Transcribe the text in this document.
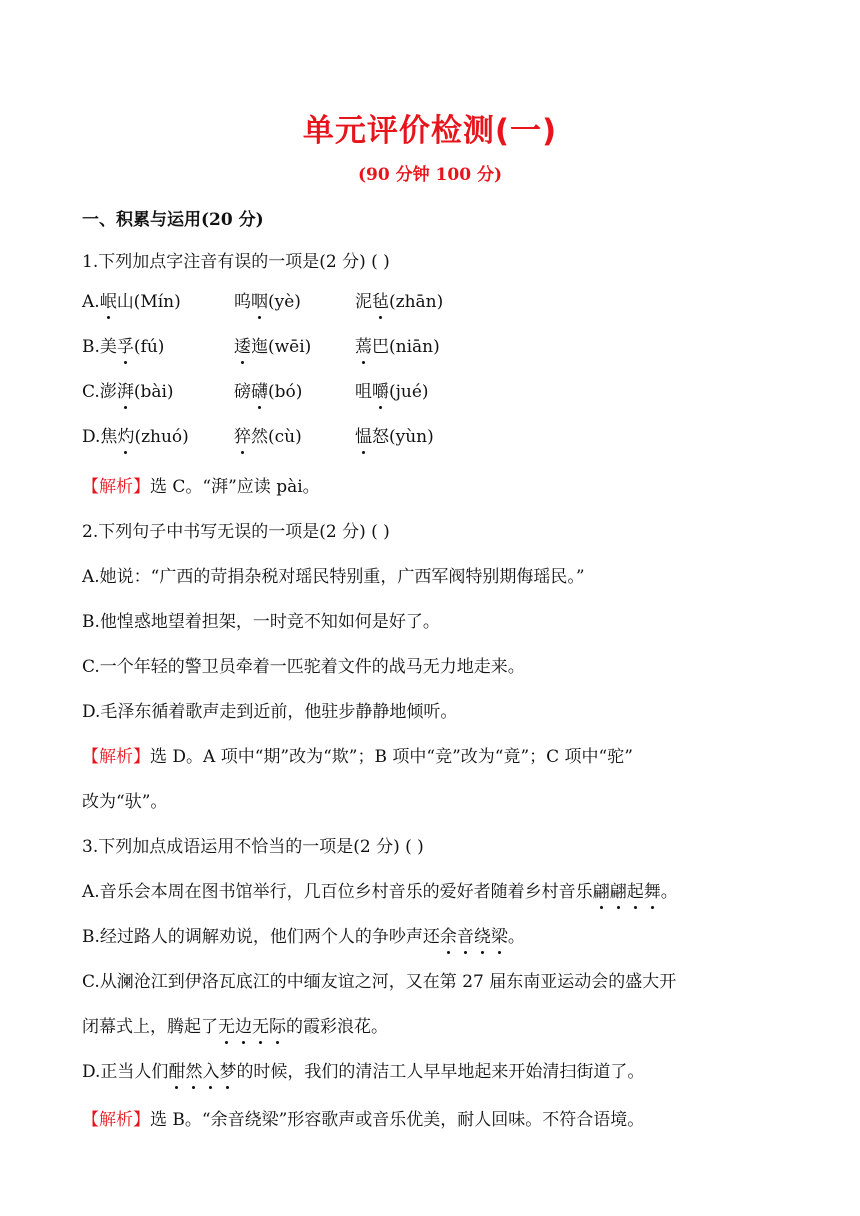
单元评价检测(一)
(90 分钟 100 分)
一、积累与运用(20 分)
1.下列加点字注音有误的一项是(2 分) ( )
A.岷山(Mín)	呜咽(yè)	泥毡(zhān)
B.美孚(fú)	逶迤(wēi)	蔫巴(niān)
C.澎湃(bài)	磅礴(bó)	咀嚼(jué)
D.焦灼(zhuó)	猝然(cù)	愠怒(yùn)
【解析】选 C。“湃”应读 pài。
2.下列句子中书写无误的一项是(2 分) ( )
A.她说：“广西的苛捐杂税对瑶民特别重，广西军阀特别期侮瑶民。”
B.他惶惑地望着担架，一时竞不知如何是好了。
C.一个年轻的警卫员牵着一匹驼着文件的战马无力地走来。
D.毛泽东循着歌声走到近前，他驻步静静地倾听。
【解析】选 D。A 项中“期”改为“欺”；B 项中“竞”改为“竟”；C 项中“驼”
改为“驮”。
3.下列加点成语运用不恰当的一项是(2 分) ( )
A.音乐会本周在图书馆举行，几百位乡村音乐的爱好者随着乡村音乐翩翩起舞。
B.经过路人的调解劝说，他们两个人的争吵声还余音绕梁。
C.从澜沧江到伊洛瓦底江的中缅友谊之河，又在第 27 届东南亚运动会的盛大开
闭幕式上，腾起了无边无际的霞彩浪花。
D.正当人们酣然入梦的时候，我们的清洁工人早早地起来开始清扫街道了。
【解析】选 B。“余音绕梁”形容歌声或音乐优美，耐人回味。不符合语境。
